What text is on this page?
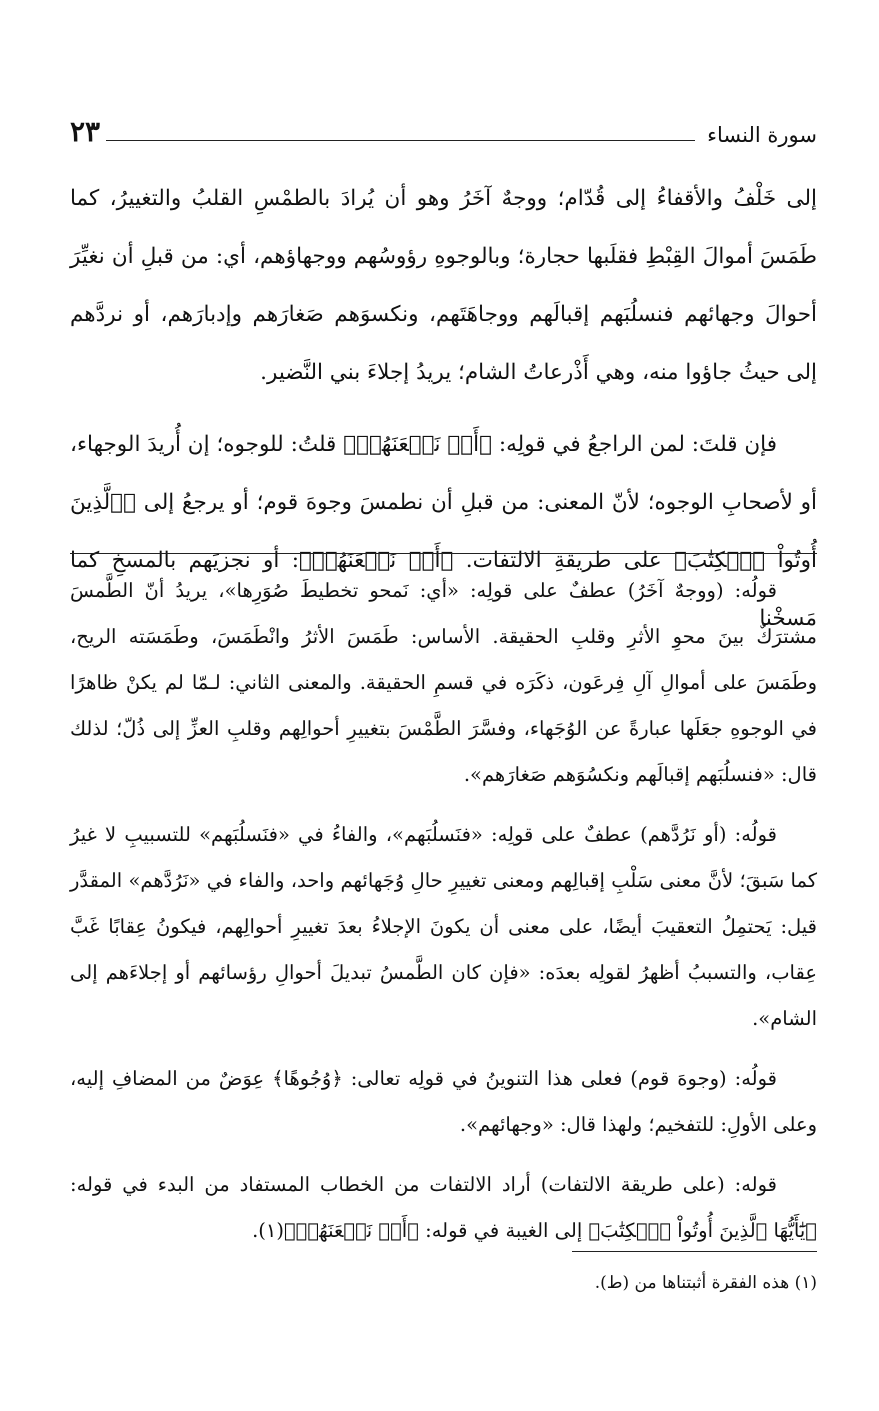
سورة النساء
٢٣

إلى خَلْفُ والأقفاءُ إلى قُدّام؛ ووجهٌ آخَرُ وهو أن يُرادَ بالطمْسِ القلبُ والتغييرُ، كما طَمَسَ أموالَ القِبْطِ فقلَبها حجارة؛ وبالوجوهِ رؤوسُهم ووجهاؤهم، أي: من قبلِ أن نغيِّرَ أحوالَ وجهائهم فنسلُبَهم إقبالَهم ووجاهَتَهم، ونكسوَهم صَغارَهم وإدبارَهم، أو نردَّهم إلى حيثُ جاؤوا منه، وهي أَذْرعاتُ الشام؛ يريدُ إجلاءَ بني النَّضير.

فإن قلتَ: لمن الراجعُ في قولِه: ﴿أَوۡ نَلۡعَنَهُمۡ﴾ قلتُ: للوجوه؛ إن أُريدَ الوجهاء، أو لأصحابِ الوجوه؛ لأنّ المعنى: من قبلِ أن نطمسَ وجوهَ قوم؛ أو يرجعُ إلى ﴿ٱلَّذِينَ أُوتُواْ ٱلۡكِتَٰبَ﴾ على طريقةِ الالتفات. ﴿أَوۡ نَلۡعَنَهُمۡ﴾: أو نجزيَهم بالمسخِ كما مَسخْنا

قولُه: (ووجهٌ آخَرُ) عطفٌ على قولِه: «أي: نَمحو تخطيطَ صُوَرِها»، يريدُ أنّ الطَّمسَ مشترَكٌ بينَ محوِ الأثرِ وقلبِ الحقيقة. الأساس: طَمَسَ الأثرُ وانْطَمَسَ، وطَمَسَته الريح، وطَمَسَ على أموالِ آلِ فِرعَون، ذكَرَه في قسمِ الحقيقة. والمعنى الثاني: لـمّا لم يكنْ ظاهرًا في الوجوهِ جعَلَها عبارةً عن الوُجَهاء، وفسَّرَ الطَّمْسَ بتغييرِ أحوالِهم وقلبِ العزِّ إلى ذُلّ؛ لذلك قال: «فنسلُبَهم إقبالَهم ونكسُوَهم صَغارَهم».

قولُه: (أو نَرُدَّهم) عطفٌ على قولِه: «فنَسلُبَهم»، والفاءُ في «فنَسلُبَهم» للتسبيبِ لا غيرُ كما سَبقَ؛ لأنَّ معنى سَلْبِ إقبالِهم ومعنى تغييرِ حالِ وُجَهائهم واحد، والفاء في «نَرُدَّهم» المقدَّر قيل: يَحتمِلُ التعقيبَ أيضًا، على معنى أن يكونَ الإجلاءُ بعدَ تغييرِ أحوالِهم، فيكونُ عِقابًا غَبَّ عِقاب، والتسببُ أظهرُ لقولِه بعدَه: «فإن كان الطَّمسُ تبديلَ أحوالِ رؤسائهم أو إجلاءَهم إلى الشام».

قولُه: (وجوهَ قوم) فعلى هذا التنوينُ في قولِه تعالى: ﴿وُجُوهًا﴾ عِوَضٌ من المضافِ إليه، وعلى الأولِ: للتفخيم؛ ولهذا قال: «وجهائهم».

قوله: (على طريقة الالتفات) أراد الالتفات من الخطاب المستفاد من البدء في قوله: ﴿يَٰٓأَيُّهَا ٱلَّذِينَ أُوتُواْ ٱلۡكِتَٰبَ﴾ إلى الغيبة في قوله: ﴿أَوۡ نَلۡعَنَهُمۡ﴾(١).

(١) هذه الفقرة أثبتناها من (ط).
